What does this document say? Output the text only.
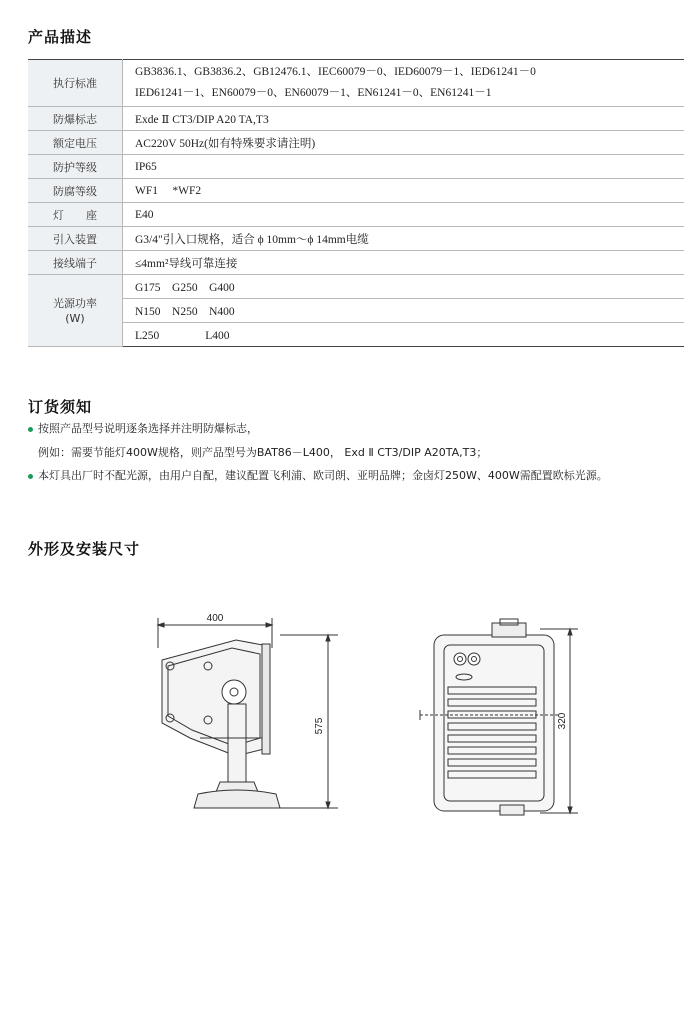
产品描述
执行标准	GB3836.1、GB3836.2、GB12476.1、IEC60079－0、IED60079－1、IED61241－0
IED61241－1、EN60079－0、EN60079－1、EN61241－0、EN61241－1

防爆标志	Exde Ⅱ CT3/DIP A20 TA,T3
额定电压	AC220V 50Hz(如有特殊要求请注明)
防护等级	IP65
防腐等级	WF1     *WF2
灯　　座	E40
引入装置	G3/4"引入口规格，适合 ϕ 10mm～ϕ 14mm电缆
接线端子	≤4mm²导线可靠连接

光源功率
(W)	G175　G250　G400
	N150　N250　N400
	L250　　　　L400
订货须知
按照产品型号说明逐条选择并注明防爆标志，
例如：需要节能灯400W规格，则产品型号为BAT86－L400， Exd Ⅱ CT3/DIP A20TA,T3；
本灯具出厂时不配光源，由用户自配，建议配置飞利浦、欧司朗、亚明品牌；金卤灯250W、400W需配置欧标光源。
外形及安装尺寸
400
575	320
